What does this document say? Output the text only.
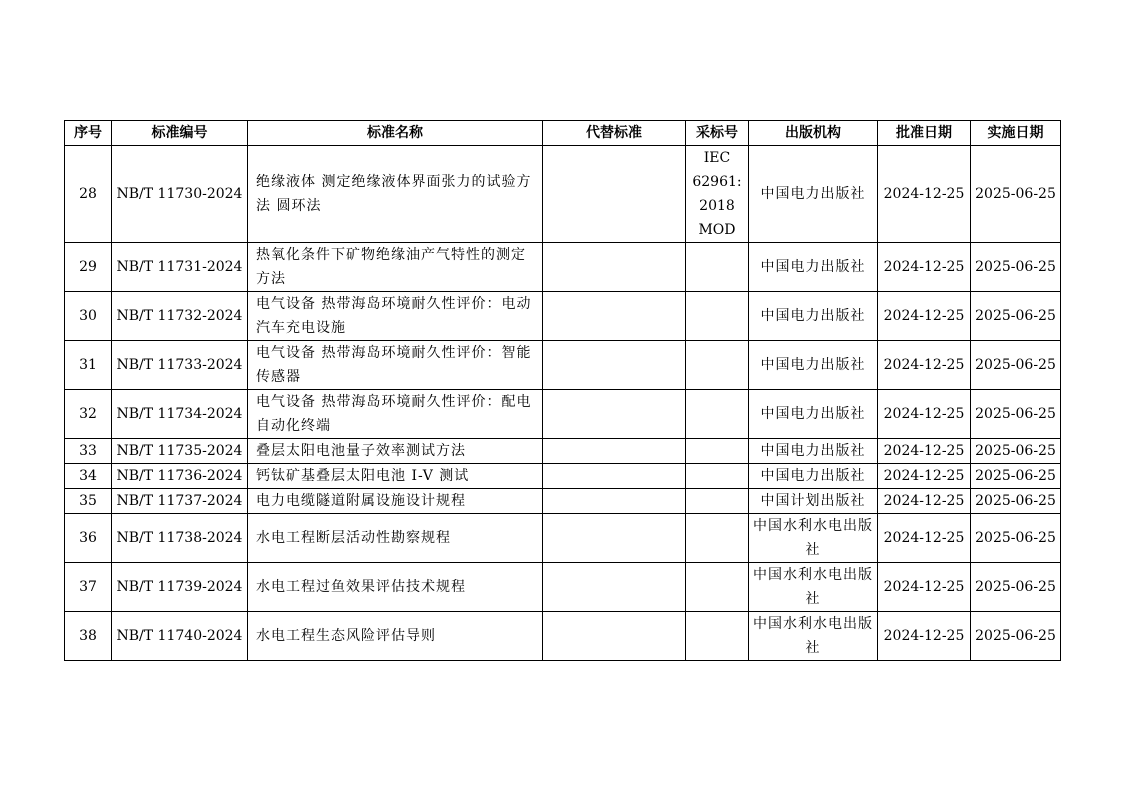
序号	标准编号	标准名称	代替标准	采标号	出版机构	批准日期	实施日期
28	NB/T 11730-2024	绝缘液体 测定绝缘液体界面张力的试验方法 圆环法		IEC 62961: 2018 MOD	中国电力出版社	2024-12-25	2025-06-25
29	NB/T 11731-2024	热氧化条件下矿物绝缘油产气特性的测定方法			中国电力出版社	2024-12-25	2025-06-25
30	NB/T 11732-2024	电气设备 热带海岛环境耐久性评价：电动汽车充电设施			中国电力出版社	2024-12-25	2025-06-25
31	NB/T 11733-2024	电气设备 热带海岛环境耐久性评价：智能传感器			中国电力出版社	2024-12-25	2025-06-25
32	NB/T 11734-2024	电气设备 热带海岛环境耐久性评价：配电自动化终端			中国电力出版社	2024-12-25	2025-06-25
33	NB/T 11735-2024	叠层太阳电池量子效率测试方法			中国电力出版社	2024-12-25	2025-06-25
34	NB/T 11736-2024	钙钛矿基叠层太阳电池 I-V 测试			中国电力出版社	2024-12-25	2025-06-25
35	NB/T 11737-2024	电力电缆隧道附属设施设计规程			中国计划出版社	2024-12-25	2025-06-25
36	NB/T 11738-2024	水电工程断层活动性勘察规程			中国水利水电出版社	2024-12-25	2025-06-25
37	NB/T 11739-2024	水电工程过鱼效果评估技术规程			中国水利水电出版社	2024-12-25	2025-06-25
38	NB/T 11740-2024	水电工程生态风险评估导则			中国水利水电出版社	2024-12-25	2025-06-25
